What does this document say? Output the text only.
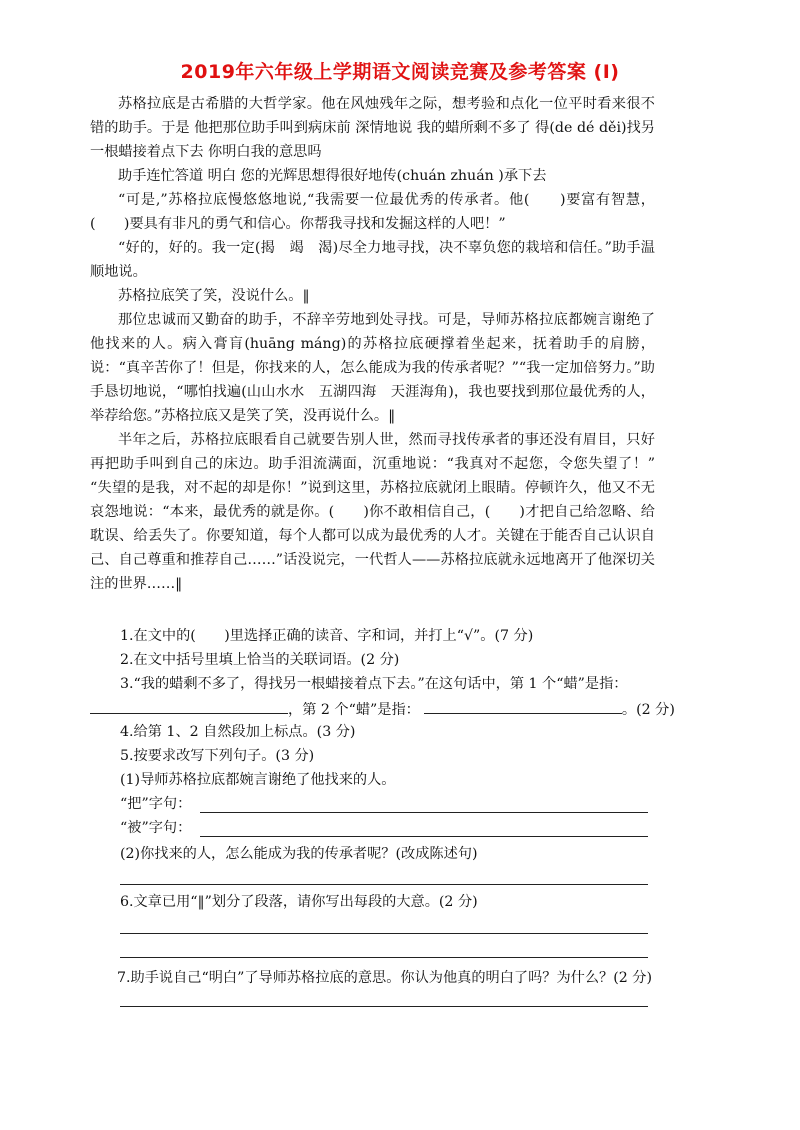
2019年六年级上学期语文阅读竞赛及参考答案 (I)

苏格拉底是古希腊的大哲学家。他在风烛残年之际，想考验和点化一位平时看来很不错的助手。于是 他把那位助手叫到病床前 深情地说 我的蜡所剩不多了 得(de dé děi)找另一根蜡接着点下去 你明白我的意思吗

助手连忙答道 明白 您的光辉思想得很好地传(chuán zhuán )承下去

“可是,”苏格拉底慢悠悠地说,“我需要一位最优秀的传承者。他(　　)要富有智慧，(　　)要具有非凡的勇气和信心。你帮我寻找和发掘这样的人吧！”

“好的，好的。我一定(揭　竭　渴)尽全力地寻找，决不辜负您的栽培和信任。”助手温顺地说。

苏格拉底笑了笑，没说什么。‖

那位忠诚而又勤奋的助手，不辞辛劳地到处寻找。可是，导师苏格拉底都婉言谢绝了他找来的人。病入膏肓(huāng máng)的苏格拉底硬撑着坐起来，抚着助手的肩膀，说：“真辛苦你了！但是，你找来的人，怎么能成为我的传承者呢？”“我一定加倍努力。”助手恳切地说，“哪怕找遍(山山水水　五湖四海　天涯海角)，我也要找到那位最优秀的人，举荐给您。”苏格拉底又是笑了笑，没再说什么。‖

半年之后，苏格拉底眼看自己就要告别人世，然而寻找传承者的事还没有眉目，只好再把助手叫到自己的床边。助手泪流满面，沉重地说：“我真对不起您，令您失望了！” “失望的是我，对不起的却是你！”说到这里，苏格拉底就闭上眼睛。停顿许久，他又不无哀怨地说：“本来，最优秀的就是你。(　　)你不敢相信自己，(　　)才把自己给忽略、给耽误、给丢失了。你要知道，每个人都可以成为最优秀的人才。关键在于能否自己认识自己、自己尊重和推荐自己……”话没说完，一代哲人——苏格拉底就永远地离开了他深切关注的世界……‖

1.在文中的(　　)里选择正确的读音、字和词，并打上“√”。(7 分)
2.在文中括号里填上恰当的关联词语。(2 分)
3.“我的蜡剩不多了，得找另一根蜡接着点下去。”在这句话中，第 1 个“蜡”是指：
，第 2 个“蜡”是指：	。(2 分)
4.给第 1、2 自然段加上标点。(3 分)
5.按要求改写下列句子。(3 分)
(1)导师苏格拉底都婉言谢绝了他找来的人。
“把”字句：
“被”字句：
(2)你找来的人，怎么能成为我的传承者呢？(改成陈述句)
6.文章已用“‖”划分了段落，请你写出每段的大意。(2 分)
7.助手说自己“明白”了导师苏格拉底的意思。你认为他真的明白了吗？为什么？(2 分)
